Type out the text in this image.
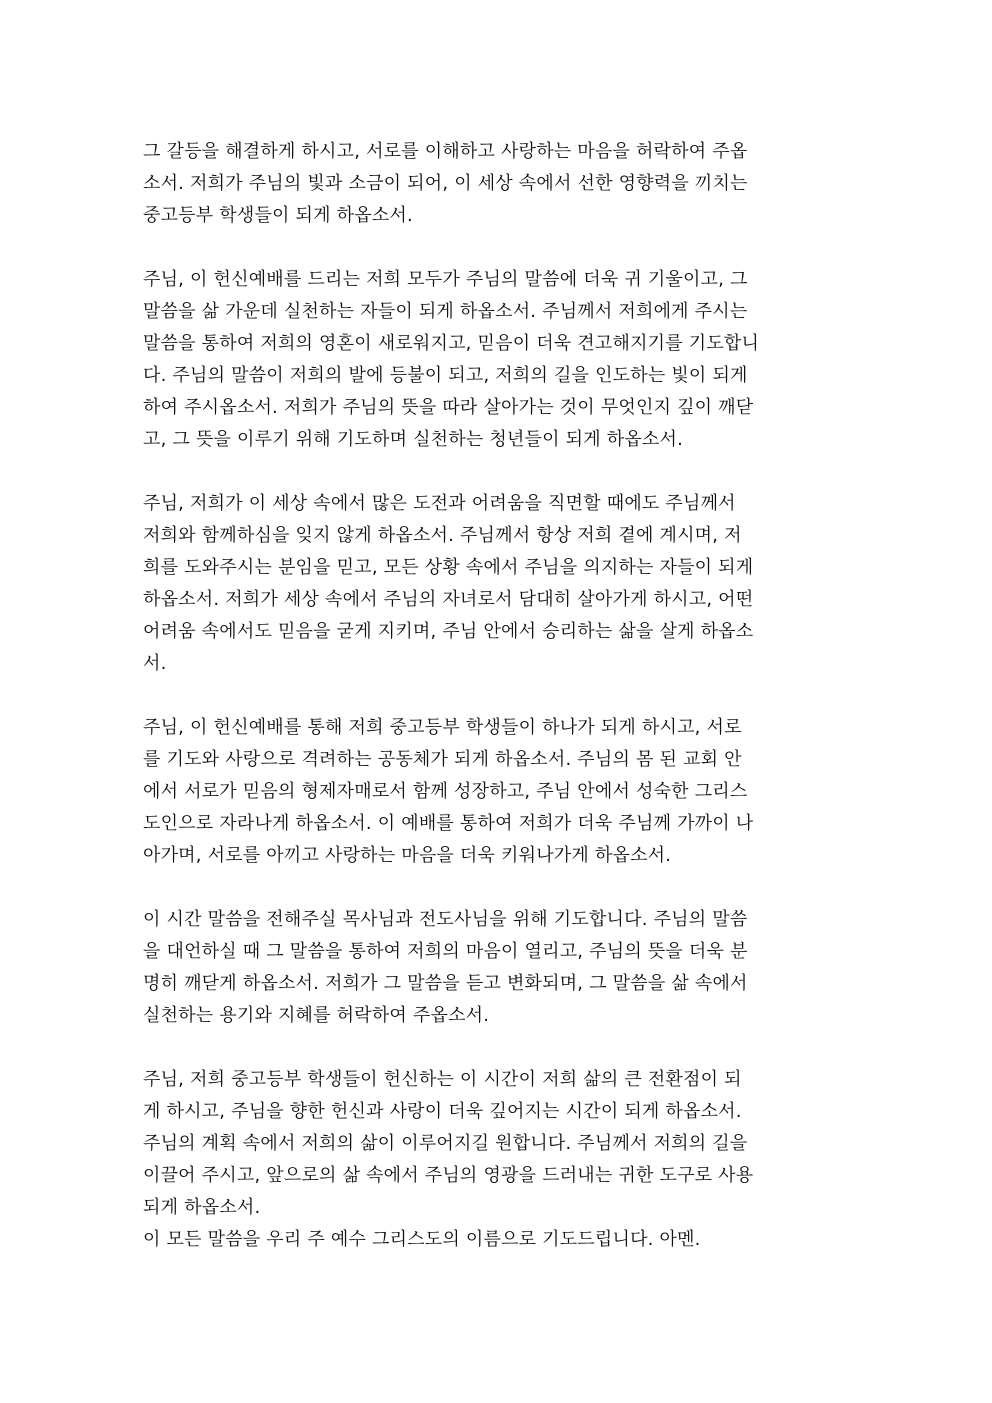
그 갈등을 해결하게 하시고, 서로를 이해하고 사랑하는 마음을 허락하여 주옵
소서. 저희가 주님의 빛과 소금이 되어, 이 세상 속에서 선한 영향력을 끼치는
중고등부 학생들이 되게 하옵소서.

주님, 이 헌신예배를 드리는 저희 모두가 주님의 말씀에 더욱 귀 기울이고, 그
말씀을 삶 가운데 실천하는 자들이 되게 하옵소서. 주님께서 저희에게 주시는
말씀을 통하여 저희의 영혼이 새로워지고, 믿음이 더욱 견고해지기를 기도합니
다. 주님의 말씀이 저희의 발에 등불이 되고, 저희의 길을 인도하는 빛이 되게
하여 주시옵소서. 저희가 주님의 뜻을 따라 살아가는 것이 무엇인지 깊이 깨닫
고, 그 뜻을 이루기 위해 기도하며 실천하는 청년들이 되게 하옵소서.

주님, 저희가 이 세상 속에서 많은 도전과 어려움을 직면할 때에도 주님께서
저희와 함께하심을 잊지 않게 하옵소서. 주님께서 항상 저희 곁에 계시며, 저
희를 도와주시는 분임을 믿고, 모든 상황 속에서 주님을 의지하는 자들이 되게
하옵소서. 저희가 세상 속에서 주님의 자녀로서 담대히 살아가게 하시고, 어떤
어려움 속에서도 믿음을 굳게 지키며, 주님 안에서 승리하는 삶을 살게 하옵소
서.

주님, 이 헌신예배를 통해 저희 중고등부 학생들이 하나가 되게 하시고, 서로
를 기도와 사랑으로 격려하는 공동체가 되게 하옵소서. 주님의 몸 된 교회 안
에서 서로가 믿음의 형제자매로서 함께 성장하고, 주님 안에서 성숙한 그리스
도인으로 자라나게 하옵소서. 이 예배를 통하여 저희가 더욱 주님께 가까이 나
아가며, 서로를 아끼고 사랑하는 마음을 더욱 키워나가게 하옵소서.

이 시간 말씀을 전해주실 목사님과 전도사님을 위해 기도합니다. 주님의 말씀
을 대언하실 때 그 말씀을 통하여 저희의 마음이 열리고, 주님의 뜻을 더욱 분
명히 깨닫게 하옵소서. 저희가 그 말씀을 듣고 변화되며, 그 말씀을 삶 속에서
실천하는 용기와 지혜를 허락하여 주옵소서.

주님, 저희 중고등부 학생들이 헌신하는 이 시간이 저희 삶의 큰 전환점이 되
게 하시고, 주님을 향한 헌신과 사랑이 더욱 깊어지는 시간이 되게 하옵소서.
주님의 계획 속에서 저희의 삶이 이루어지길 원합니다. 주님께서 저희의 길을
이끌어 주시고, 앞으로의 삶 속에서 주님의 영광을 드러내는 귀한 도구로 사용
되게 하옵소서.

이 모든 말씀을 우리 주 예수 그리스도의 이름으로 기도드립니다. 아멘.
